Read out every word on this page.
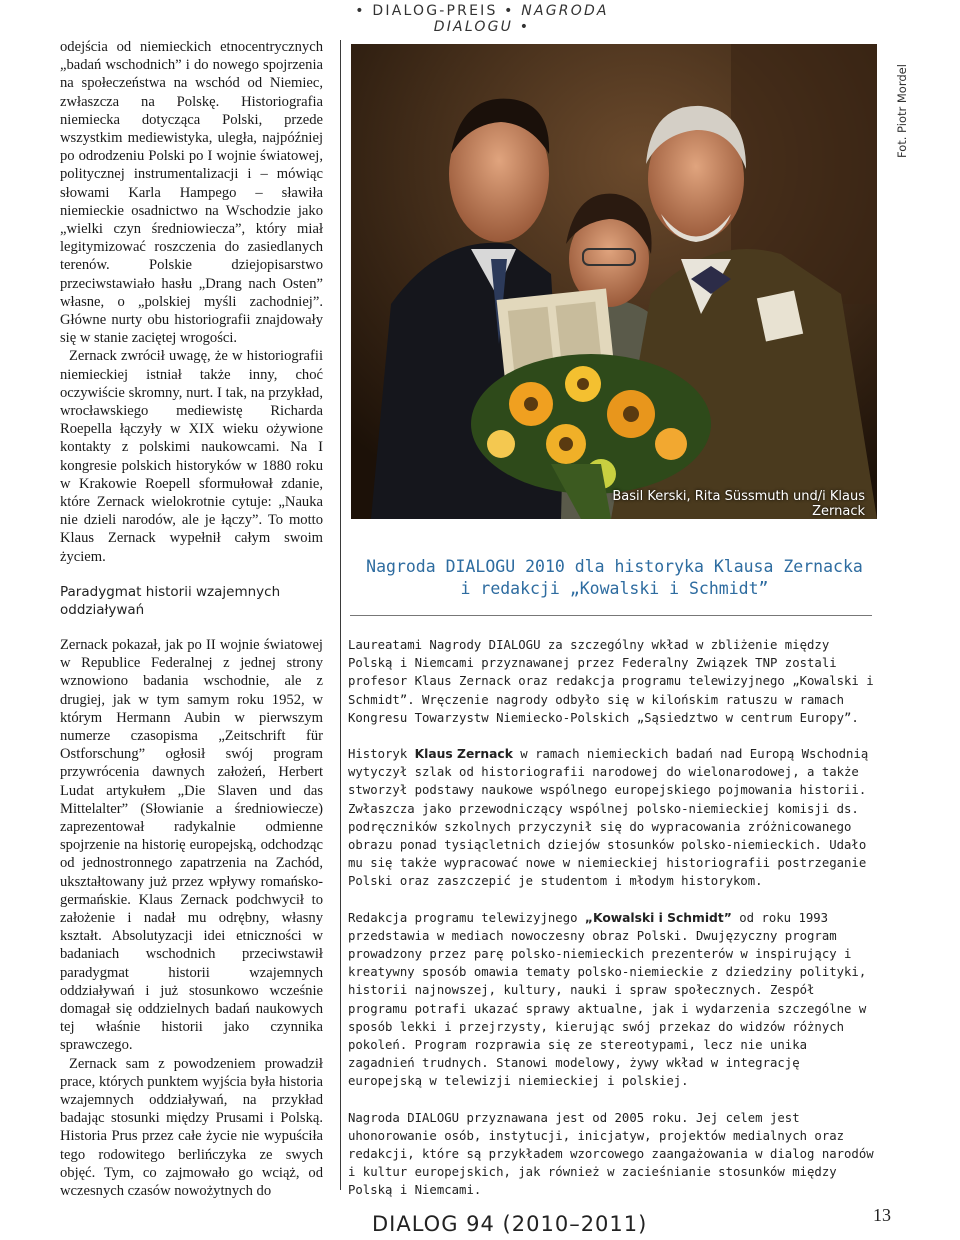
• DIALOG-PREIS • NAGRODA DIALOGU •

odejścia od niemieckich etnocentrycznych „badań wschodnich” i do nowego spojrzenia na społeczeństwa na wschód od Niemiec, zwłaszcza na Polskę. Historiografia niemiecka dotycząca Polski, przede wszystkim mediewistyka, uległa, najpóźniej po odrodzeniu Polski po I wojnie światowej, politycznej instrumentalizacji i – mówiąc słowami Karla Hampego – sławiła niemieckie osadnictwo na Wschodzie jako „wielki czyn średniowiecza”, który miał legitymizować roszczenia do zasiedlanych terenów. Polskie dziejopisarstwo przeciwstawiało hasłu „Drang nach Osten” własne, o „polskiej myśli zachodniej”. Główne nurty obu historiografii znajdowały się w stanie zaciętej wrogości.

Zernack zwrócił uwagę, że w historiografii niemieckiej istniał także inny, choć oczywiście skromny, nurt. I tak, na przykład, wrocławskiego mediewistę Richarda Roepella łączyły w XIX wieku ożywione kontakty z polskimi naukowcami. Na I kongresie polskich historyków w 1880 roku w Krakowie Roepell sformułował zdanie, które Zernack wielokrotnie cytuje: „Nauka nie dzieli narodów, ale je łączy”. To motto Klaus Zernack wypełnił całym swoim życiem.

Paradygmat historii wzajemnych oddziaływań

Zernack pokazał, jak po II wojnie światowej w Republice Federalnej z jednej strony wznowiono badania wschodnie, ale z drugiej, jak w tym samym roku 1952, w którym Hermann Aubin w pierwszym numerze czasopisma „Zeitschrift für Ostforschung” ogłosił swój program przywrócenia dawnych założeń, Herbert Ludat artykułem „Die Slaven und das Mittelalter” (Słowianie a średniowiecze) zaprezentował radykalnie odmienne spojrzenie na historię europejską, odchodząc od jednostronnego zapatrzenia na Zachód, ukształtowany już przez wpływy romańsko-germańskie. Klaus Zernack podchwycił to założenie i nadał mu odrębny, własny kształt. Absolutyzacji idei etniczności w badaniach wschodnich przeciwstawił paradygmat historii wzajemnych oddziaływań i już stosunkowo wcześnie domagał się oddzielnych badań naukowych tej właśnie historii jako czynnika sprawczego.

Zernack sam z powodzeniem prowadził prace, których punktem wyjścia była historia wzajemnych oddziaływań, na przykład badając stosunki między Prusami i Polską. Historia Prus przez całe życie nie wypuściła tego rodowitego berlińczyka ze swych objęć. Tym, co zajmowało go wciąż, od wczesnych czasów nowożytnych do

Basil Kerski, Rita Süssmuth und/i Klaus Zernack
Fot. Piotr Mordel
Nagroda DIALOGU 2010 dla historyka Klausa Zernacka
i redakcji „Kowalski i Schmidt”

Laureatami Nagrody DIALOGU za szczególny wkład w zbliżenie między Polską i Niemcami przyznawanej przez Federalny Związek TNP zostali profesor Klaus Zernack oraz redakcja programu telewizyjnego „Kowalski i Schmidt”. Wręczenie nagrody odbyło się w kilońskim ratuszu w ramach Kongresu Towarzystw Niemiecko-Polskich „Sąsiedztwo w centrum Europy”.

Historyk Klaus Zernack w ramach niemieckich badań nad Europą Wschodnią wytyczył szlak od historiografii narodowej do wielonarodowej, a także stworzył podstawy naukowe wspólnego europejskiego pojmowania historii. Zwłaszcza jako przewodniczący wspólnej polsko-niemieckiej komisji ds. podręczników szkolnych przyczynił się do wypracowania zróżnicowanego obrazu ponad tysiącletnich dziejów stosunków polsko-niemieckich. Udało mu się także wypracować nowe w niemieckiej historiografii postrzeganie Polski oraz zaszczepić je studentom i młodym historykom.

Redakcja programu telewizyjnego „Kowalski i Schmidt” od roku 1993 przedstawia w mediach nowoczesny obraz Polski. Dwujęzyczny program prowadzony przez parę polsko-niemieckich prezenterów w inspirujący i kreatywny sposób omawia tematy polsko-niemieckie z dziedziny polityki, historii najnowszej, kultury, nauki i spraw społecznych. Zespół programu potrafi ukazać sprawy aktualne, jak i wydarzenia szczególne w sposób lekki i przejrzysty, kierując swój przekaz do widzów różnych pokoleń. Program rozprawia się ze stereotypami, lecz nie unika zagadnień trudnych. Stanowi modelowy, żywy wkład w integrację europejską w telewizji niemieckiej i polskiej.

Nagroda DIALOGU przyznawana jest od 2005 roku. Jej celem jest uhonorowanie osób, instytucji, inicjatyw, projektów medialnych oraz redakcji, które są przykładem wzorcowego zaangażowania w dialog narodów i kultur europejskich, jak również w zacieśnianie stosunków między Polską i Niemcami.

DIALOG 94 (2010–2011)	13
